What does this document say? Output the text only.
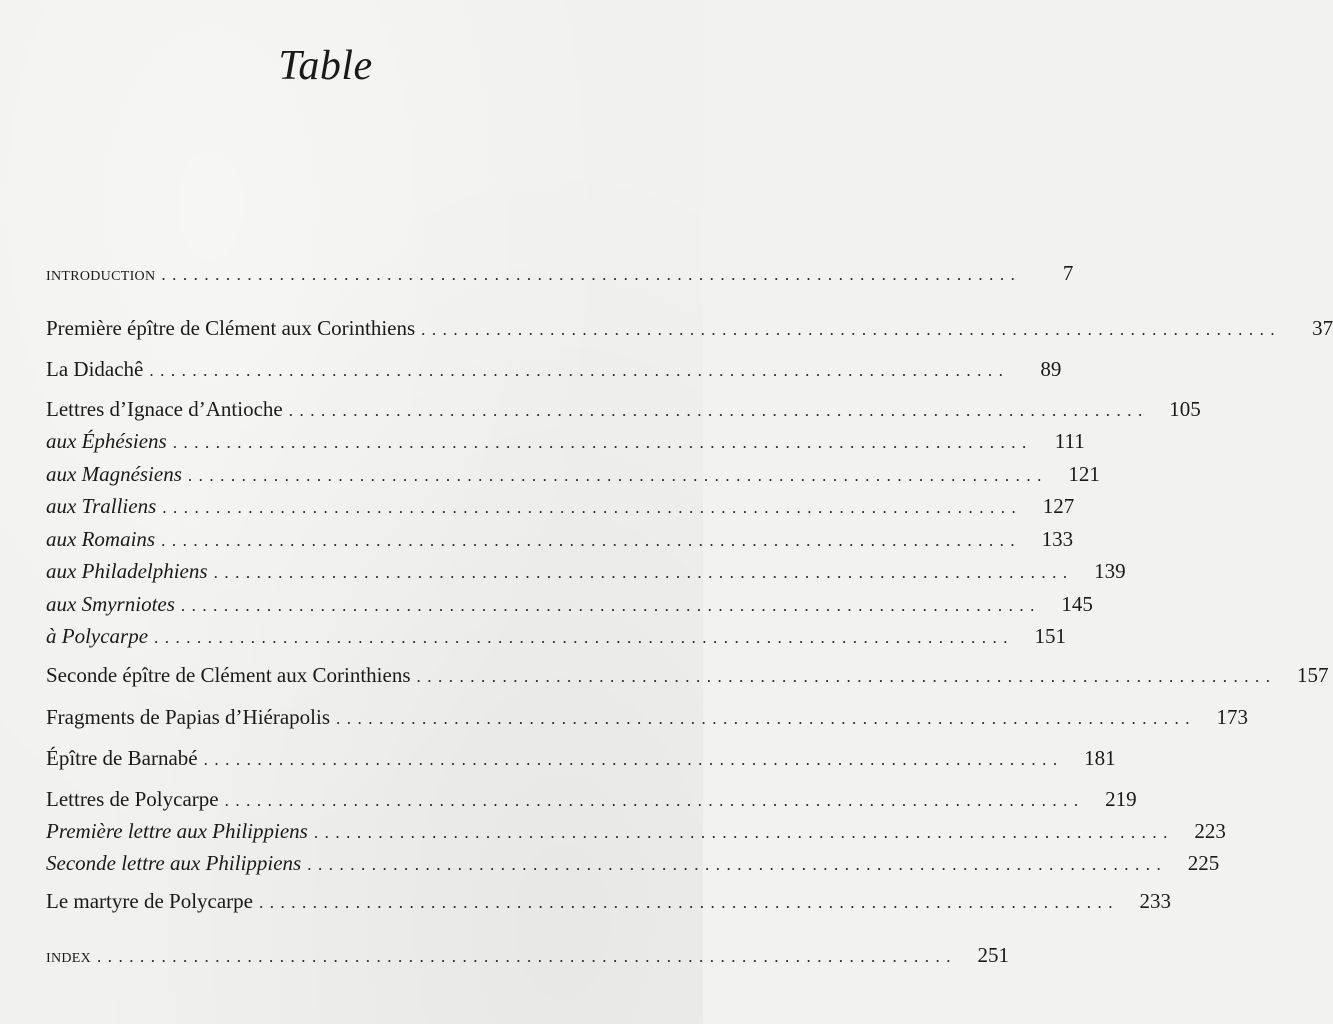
Table
INTRODUCTION ................................................................................	7
Première épître de Clément aux Corinthiens ................................................................................	37
La Didachê ................................................................................	89
Lettres d’Ignace d’Antioche ................................................................................ 105
aux Éphésiens ................................................................................	111
aux Magnésiens ................................................................................ 121
aux Tralliens ................................................................................ 127
aux Romains ................................................................................ 133
aux Philadelphiens ................................................................................ 139
aux Smyrniotes ................................................................................ 145
à Polycarpe ................................................................................ 151
Seconde épître de Clément aux Corinthiens ................................................................................ 157
Fragments de Papias d’Hiérapolis ................................................................................ 173
Épître de Barnabé ................................................................................ 181
Lettres de Polycarpe ................................................................................ 219
Première lettre aux Philippiens ................................................................................ 223
Seconde lettre aux Philippiens ................................................................................ 225
Le martyre de Polycarpe ................................................................................ 233
INDEX ................................................................................ 251
